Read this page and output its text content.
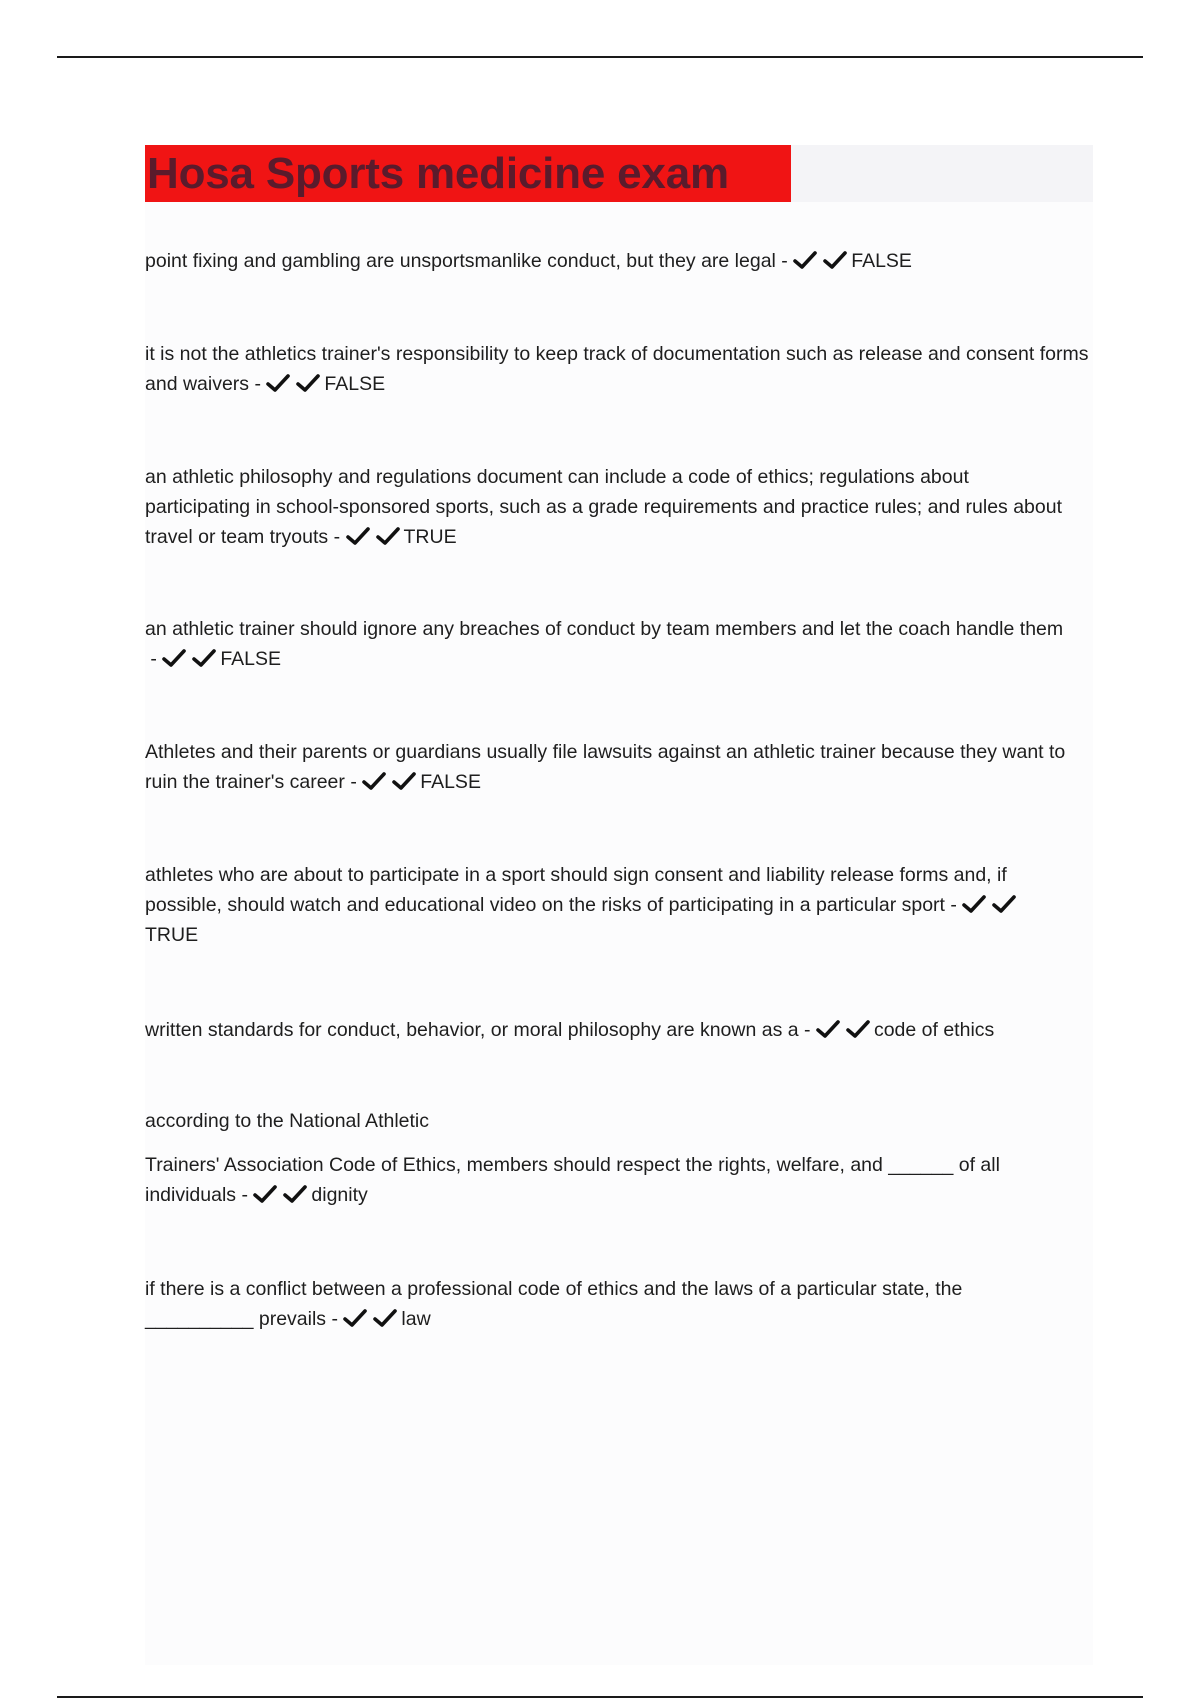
Hosa Sports medicine exam
point fixing and gambling are unsportsmanlike conduct, but they are legal -	FALSE
it is not the athletics trainer's responsibility to keep track of documentation such as release and consent forms and waivers -	FALSE
an athletic philosophy and regulations document can include a code of ethics; regulations about participating in school-sponsored sports, such as a grade requirements and practice rules; and rules about travel or team tryouts -	TRUE
an athletic trainer should ignore any breaches of conduct by team members and let the coach handle them -	FALSE
Athletes and their parents or guardians usually file lawsuits against an athletic trainer because they want to ruin the trainer's career -	FALSE
athletes who are about to participate in a sport should sign consent and liability release forms and, if possible, should watch and educational video on the risks of participating in a particular sport -
TRUE
written standards for conduct, behavior, or moral philosophy are known as a -	code of ethics
according to the National Athletic
Trainers' Association Code of Ethics, members should respect the rights, welfare, and ______ of all individuals -	dignity
if there is a conflict between a professional code of ethics and the laws of a particular state, the __________ prevails -	law
